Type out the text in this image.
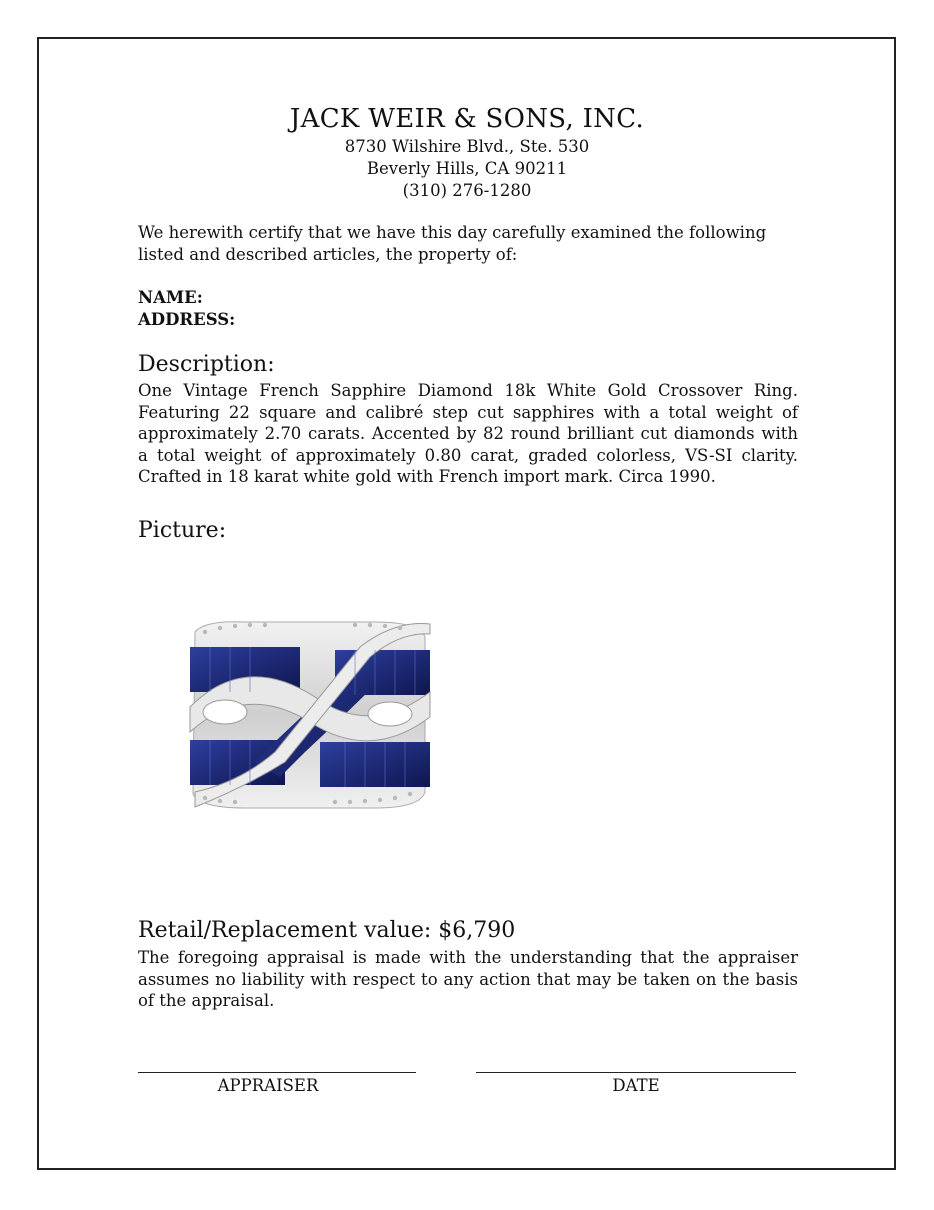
JACK WEIR & SONS, INC.
8730 Wilshire Blvd., Ste. 530
Beverly Hills, CA 90211
(310) 276-1280
We herewith certify that we have this day carefully examined the following listed and described articles, the property of:
NAME:
ADDRESS:
Description:
One Vintage French Sapphire Diamond 18k White Gold Crossover Ring. Featuring 22 square and calibré step cut sapphires with a total weight of approximately 2.70 carats. Accented by 82 round brilliant cut diamonds with a total weight of approximately 0.80 carat, graded colorless, VS-SI clarity. Crafted in 18 karat white gold with French import mark. Circa 1990.
Picture:
Retail/Replacement value: $6,790
The foregoing appraisal is made with the understanding that the appraiser assumes no liability with respect to any action that may be taken on the basis of the appraisal.
APPRAISER	DATE
